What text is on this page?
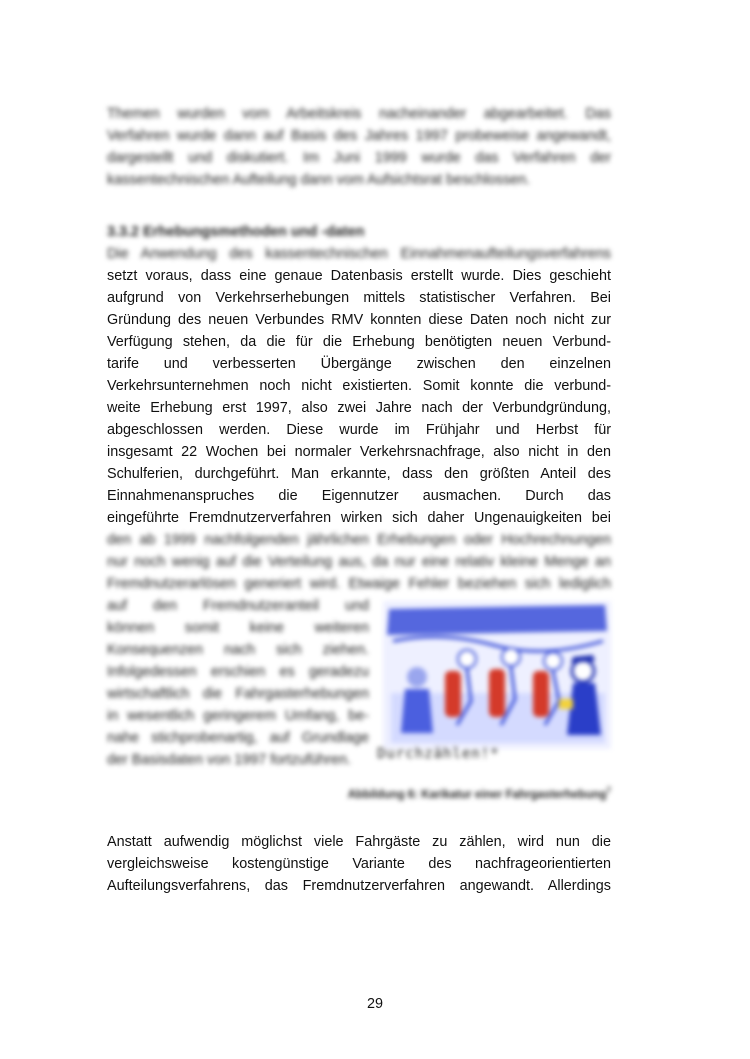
Themen wurden vom Arbeitskreis nacheinander abgearbeitet. Das
Verfahren wurde dann auf Basis des Jahres 1997 probeweise angewandt,
dargestellt und diskutiert. Im Juni 1999 wurde das Verfahren der
kassentechnischen Aufteilung dann vom Aufsichtsrat beschlossen.
3.3.2 Erhebungsmethoden und -daten
Die Anwendung des kassentechnischen Einnahmenaufteilungsverfahrens
setzt voraus, dass eine genaue Datenbasis erstellt wurde. Dies geschieht
aufgrund von Verkehrserhebungen mittels statistischer Verfahren. Bei
Gründung des neuen Verbundes RMV konnten diese Daten noch nicht zur
Verfügung stehen, da die für die Erhebung benötigten neuen Verbund-
tarife und verbesserten Übergänge zwischen den einzelnen
Verkehrsunternehmen noch nicht existierten. Somit konnte die verbund-
weite Erhebung erst 1997, also zwei Jahre nach der Verbundgründung,
abgeschlossen werden. Diese wurde im Frühjahr und Herbst für
insgesamt 22 Wochen bei normaler Verkehrsnachfrage, also nicht in den
Schulferien, durchgeführt. Man erkannte, dass den größten Anteil des
Einnahmenanspruches die Eigennutzer ausmachen. Durch das
eingeführte Fremdnutzerverfahren wirken sich daher Ungenauigkeiten bei
den ab 1999 nachfolgenden jährlichen Erhebungen oder Hochrechnungen
nur noch wenig auf die Verteilung aus, da nur eine relativ kleine Menge an
Fremdnutzerarlösen generiert wird. Etwaige Fehler beziehen sich lediglich
auf den Fremdnutzeranteil und
können somit keine weiteren
Konsequenzen nach sich ziehen.
Infolgedessen erschien es geradezu
wirtschaftlich die Fahrgasterhebungen
in wesentlich geringerem Umfang, be-
nahe stichprobenartig, auf Grundlage
der Basisdaten von 1997 fortzuführen.	Durchzählen!*
Abbildung 6: Karikatur einer Fahrgasterhebung$^7$
Anstatt aufwendig möglichst viele Fahrgäste zu zählen, wird nun die
vergleichsweise kostengünstige Variante des nachfrageorientierten
Aufteilungsverfahrens, das Fremdnutzerverfahren angewandt. Allerdings
29
